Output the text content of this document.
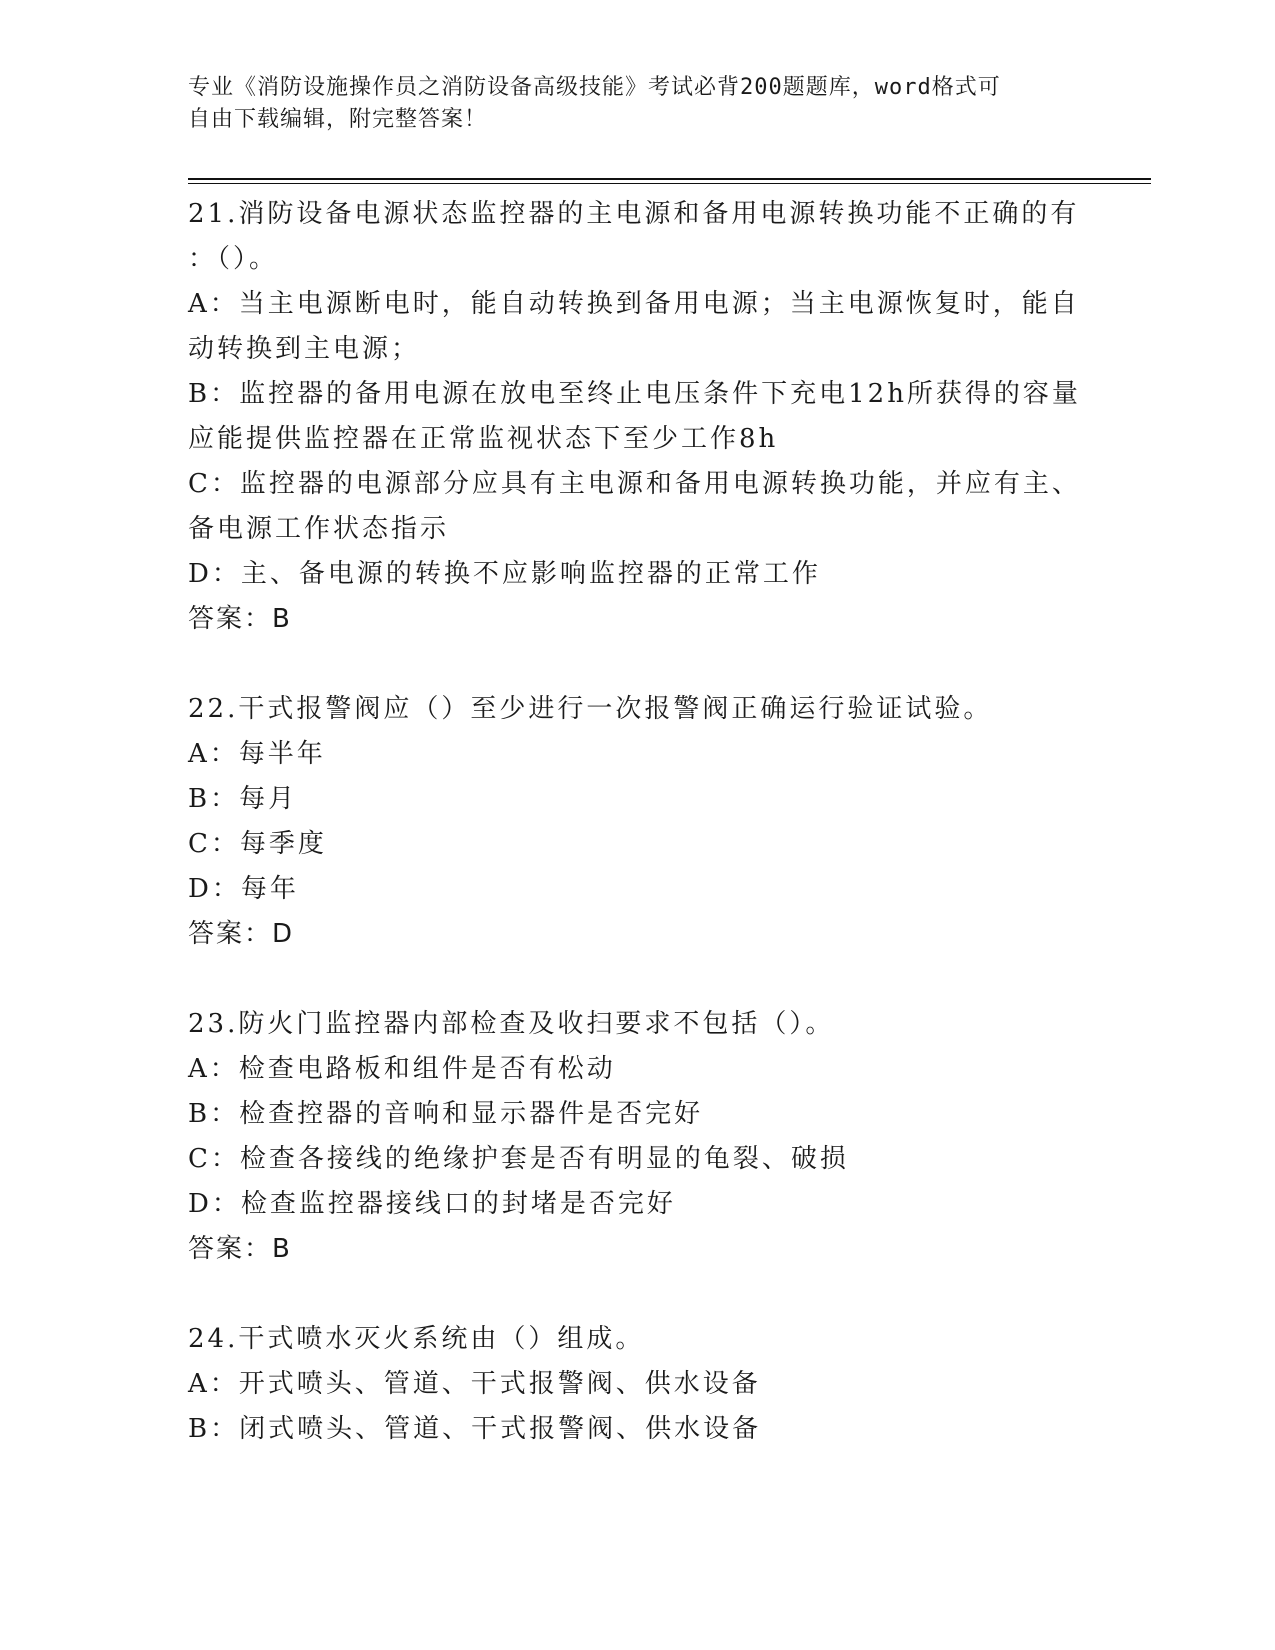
专业《消防设施操作员之消防设备高级技能》考试必背200题题库，word格式可
自由下载编辑，附完整答案！
21.消防设备电源状态监控器的主电源和备用电源转换功能不正确的有
：（）。
A：当主电源断电时，能自动转换到备用电源；当主电源恢复时，能自
动转换到主电源；
B：监控器的备用电源在放电至终止电压条件下充电12h所获得的容量
应能提供监控器在正常监视状态下至少工作8h
C：监控器的电源部分应具有主电源和备用电源转换功能，并应有主、
备电源工作状态指示
D：主、备电源的转换不应影响监控器的正常工作
答案：B
22.干式报警阀应（）至少进行一次报警阀正确运行验证试验。
A：每半年
B：每月
C：每季度
D：每年
答案：D
23.防火门监控器内部检查及收扫要求不包括（）。
A：检查电路板和组件是否有松动
B：检查控器的音响和显示器件是否完好
C：检查各接线的绝缘护套是否有明显的龟裂、破损
D：检查监控器接线口的封堵是否完好
答案：B
24.干式喷水灭火系统由（）组成。
A：开式喷头、管道、干式报警阀、供水设备
B：闭式喷头、管道、干式报警阀、供水设备
